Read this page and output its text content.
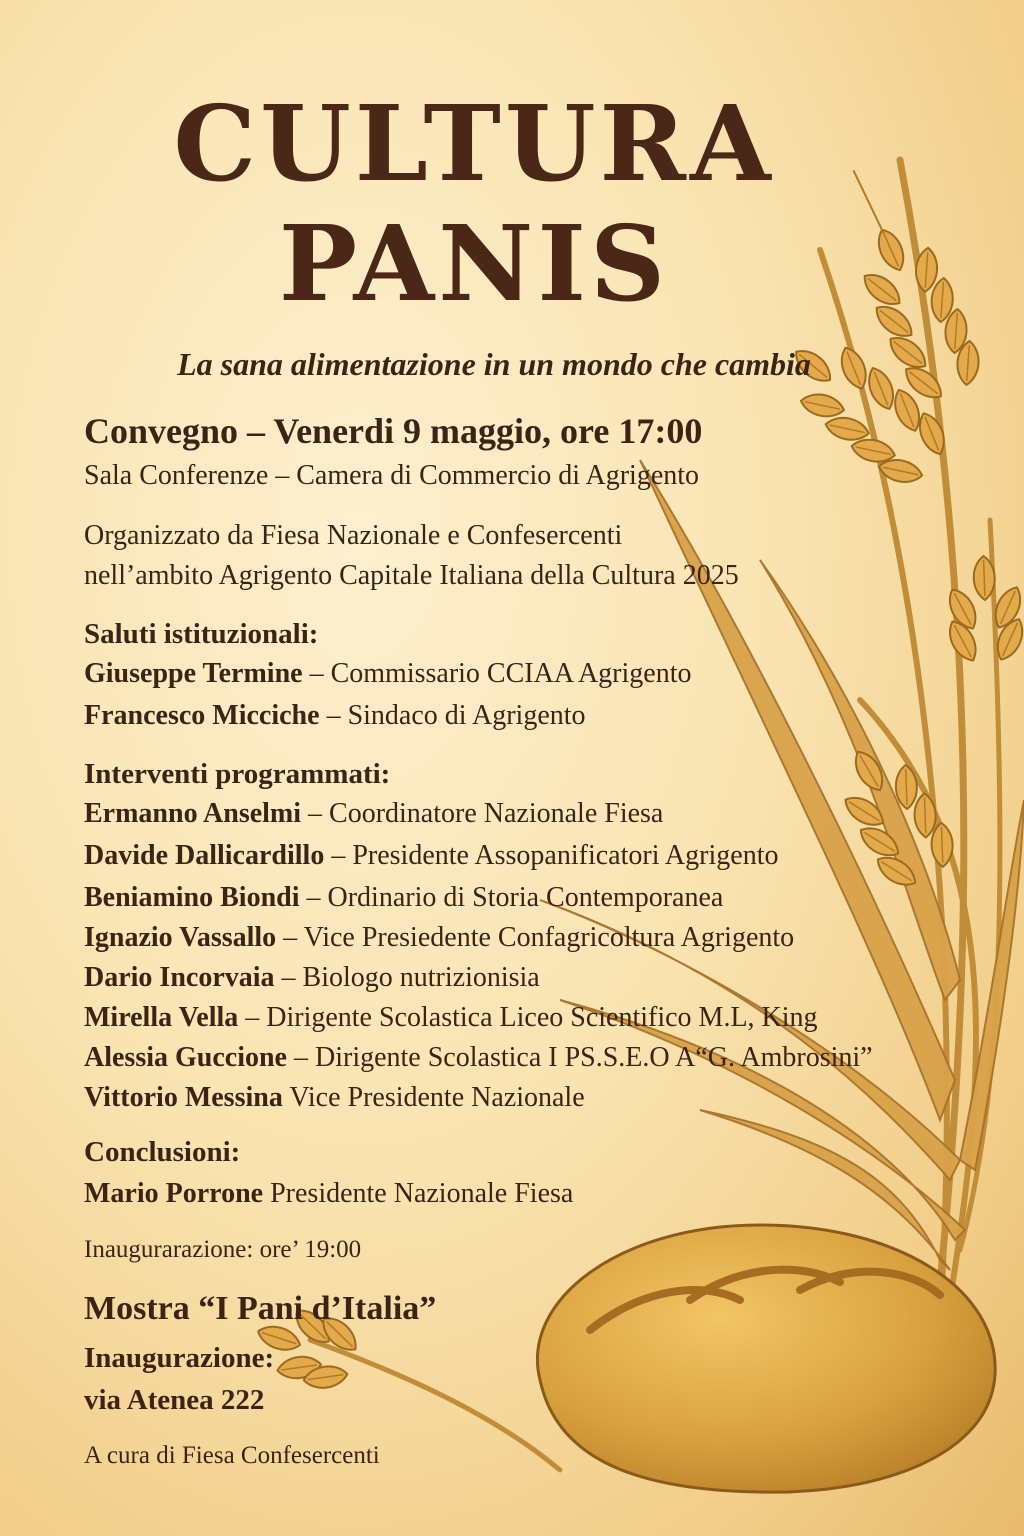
CULTURA
PANIS
La sana alimentazione in un mondo che cambia
Convegno – Venerdi 9 maggio, ore 17:00
Sala Conferenze – Camera di Commercio di Agrigento
Organizzato da Fiesa Nazionale e Confesercenti
nell’ambito Agrigento Capitale Italiana della Cultura 2025
Saluti istituzionali:
Giuseppe Termine – Commissario CCIAA Agrigento
Francesco Micciche – Sindaco di Agrigento
Interventi programmati:
Ermanno Anselmi – Coordinatore Nazionale Fiesa
Davide Dallicardillo – Presidente Assopanificatori Agrigento
Beniamino Biondi – Ordinario di Storia Contemporanea
Ignazio Vassallo – Vice Presiedente Confagricoltura Agrigento
Dario Incorvaia – Biologo nutrizionisia
Mirella Vella – Dirigente Scolastica Liceo Scientifico M.L, King
Alessia Guccione – Dirigente Scolastica I PS.S.E.O A“G. Ambrosini”
Vittorio Messina Vice Presidente Nazionale
Conclusioni:
Mario Porrone Presidente Nazionale Fiesa
Inaugurarazione: ore’ 19:00
Mostra “I Pani d’Italia”
Inaugurazione:
via Atenea 222
A cura di Fiesa Confesercenti
